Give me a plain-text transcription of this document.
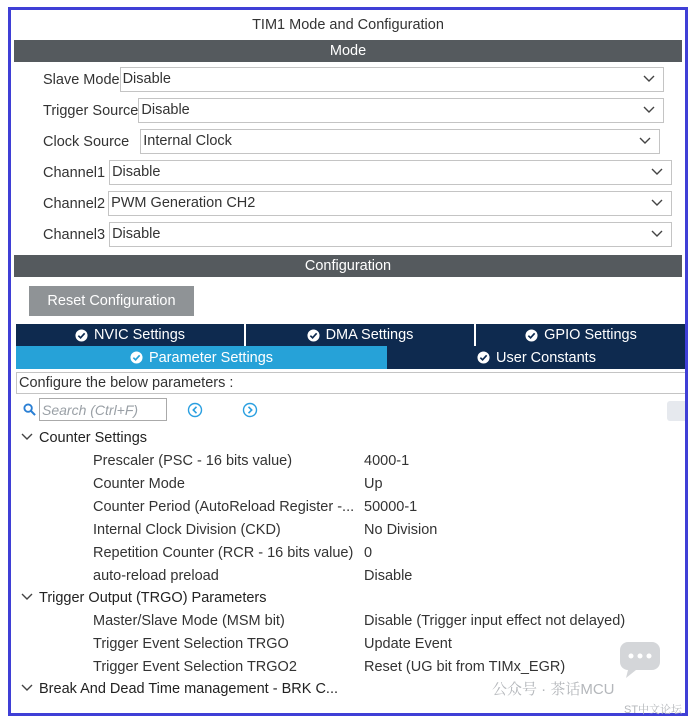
TIM1 Mode and Configuration
Mode
Slave Mode Disable
Trigger Source Disable
Clock Source Internal Clock
Channel1 Disable
Channel2 PWM Generation CH2
Channel3 Disable
Configuration
Reset Configuration
NVIC Settings	DMA Settings	GPIO Settings
Parameter Settings	User Constants
Configure the below parameters :
Search (Ctrl+F)
Counter Settings
Prescaler (PSC - 16 bits value)	4000-1
Counter Mode	Up
Counter Period (AutoReload Register -... 50000-1
Internal Clock Division (CKD)	No Division
Repetition Counter (RCR - 16 bits value) 0
auto-reload preload	Disable
Trigger Output (TRGO) Parameters
Master/Slave Mode (MSM bit)	Disable (Trigger input effect not delayed)
Trigger Event Selection TRGO	Update Event
Trigger Event Selection TRGO2	Reset (UG bit from TIMx_EGR)
Break And Dead Time management - BRK C...	公众号 · 茶话MCU
ST中文论坛
